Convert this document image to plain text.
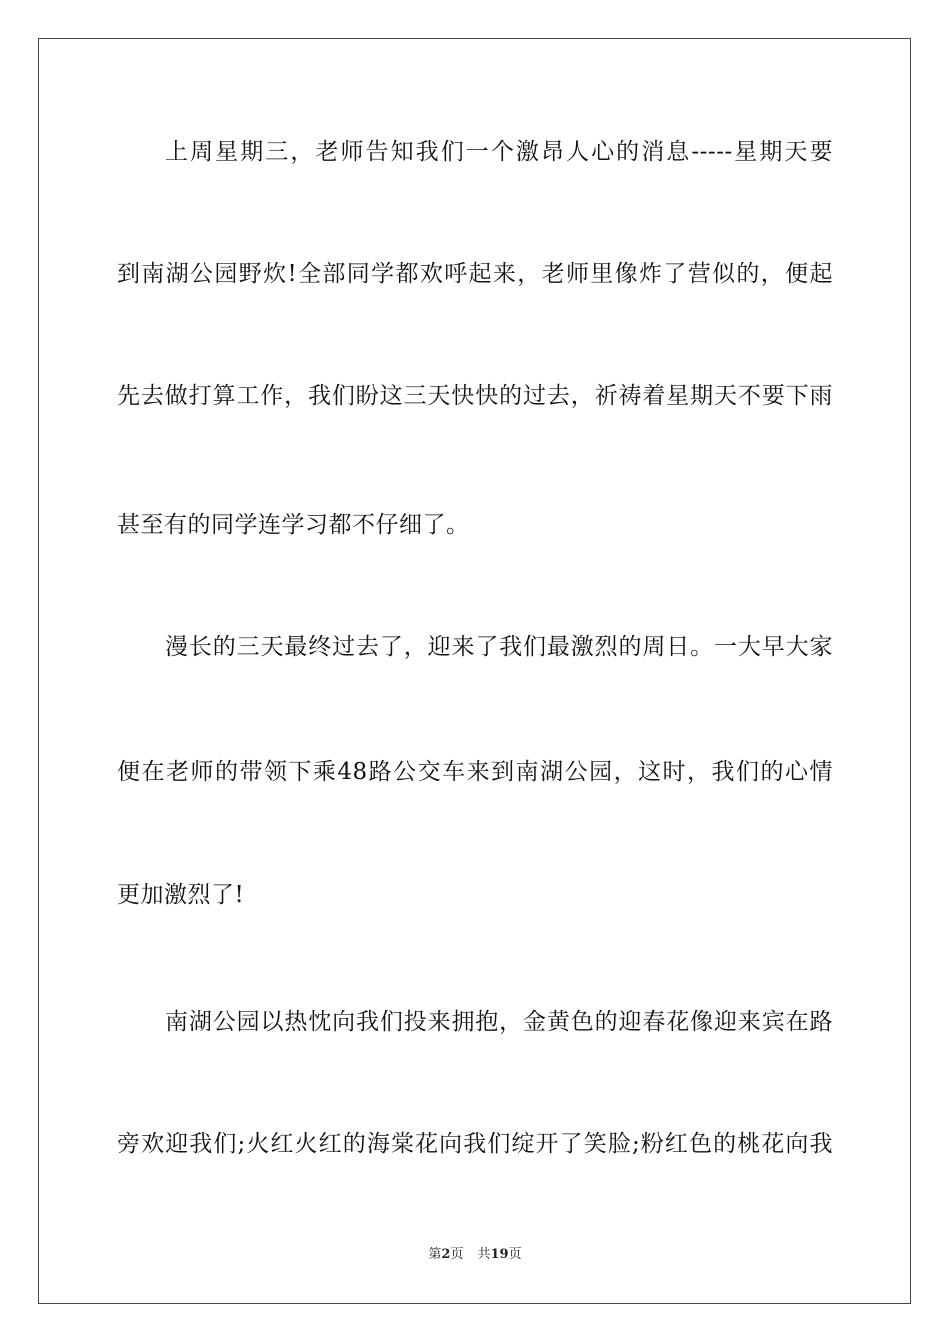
上周星期三，老师告知我们一个激昂人心的消息-----星期天要
到南湖公园野炊!全部同学都欢呼起来，老师里像炸了营似的，便起
先去做打算工作，我们盼这三天快快的过去，祈祷着星期天不要下雨
甚至有的同学连学习都不仔细了。
漫长的三天最终过去了，迎来了我们最激烈的周日。一大早大家
便在老师的带领下乘48路公交车来到南湖公园，这时，我们的心情
更加激烈了!
南湖公园以热忱向我们投来拥抱，金黄色的迎春花像迎来宾在路
旁欢迎我们;火红火红的海棠花向我们绽开了笑脸;粉红色的桃花向我
第2页 共19页
